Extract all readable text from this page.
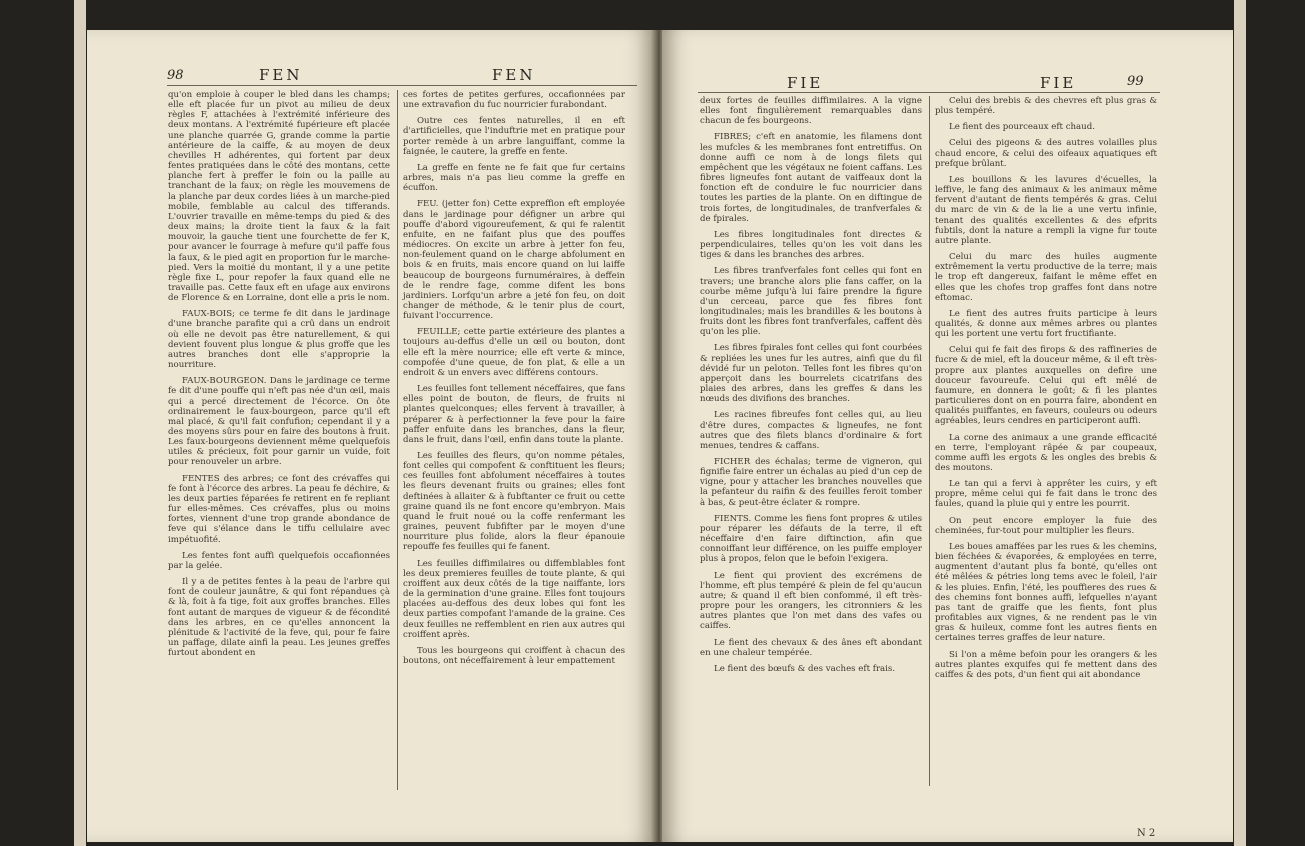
98	FEN	FEN

qu'on emploie à couper le bled dans les champs; elle eft placée fur un pivot au milieu de deux règles F, attachées à l'extrémité inférieure des deux montans. A l'extrémité fupérieure eft placée une planche quarrée G, grande comme la partie antérieure de la caiffe, & au moyen de deux chevilles H adhérentes, qui fortent par deux fentes pratiquées dans le côté des montans, cette planche fert à preffer le foin ou la paille au tranchant de la faux; on règle les mouvemens de la planche par deux cordes liées à un marche-pied mobile, femblable au calcul des tifferands. L'ouvrier travaille en même-temps du pied & des deux mains; la droite tient la faux & la fait mouvoir, la gauche tient une fourchette de fer K, pour avancer le fourrage à mefure qu'il paffe fous la faux, & le pied agit en proportion fur le marche-pied. Vers la moitié du montant, il y a une petite règle fixe L, pour repofer la faux quand elle ne travaille pas. Cette faux eft en ufage aux environs de Florence & en Lorraine, dont elle a pris le nom.

FAUX-BOIS; ce terme fe dit dans le jardinage d'une branche parafite qui a crû dans un endroit où elle ne devoit pas être naturellement, & qui devient fouvent plus longue & plus groffe que les autres branches dont elle s'approprie la nourriture.

FAUX-BOURGEON. Dans le jardinage ce terme fe dit d'une pouffe qui n'eft pas née d'un œil, mais qui a percé directement de l'écorce. On ôte ordinairement le faux-bourgeon, parce qu'il eft mal placé, & qu'il fait confufion; cependant il y a des moyens sûrs pour en faire des boutons à fruit. Les faux-bourgeons deviennent même quelquefois utiles & précieux, foit pour garnir un vuide, foit pour renouveler un arbre.

FENTES des arbres; ce font des crévaffes qui fe font à l'écorce des arbres. La peau fe déchire, & les deux parties féparées fe retirent en fe repliant fur elles-mêmes. Ces crévaffes, plus ou moins fortes, viennent d'une trop grande abondance de feve qui s'élance dans le tiffu cellulaire avec impétuofité.

Les fentes font auffi quelquefois occafionnées par la gelée.

Il y a de petites fentes à la peau de l'arbre qui font de couleur jaunâtre, & qui font répandues çà & là, foit à fa tige, foit aux groffes branches. Elles font autant de marques de vigueur & de fécondité dans les arbres, en ce qu'elles annoncent la plénitude & l'activité de la feve, qui, pour fe faire un paffage, dilate ainfi la peau. Les jeunes greffes furtout abondent en

ces fortes de petites gerfures, occafionnées par une extravafion du fuc nourricier furabondant.

Outre ces fentes naturelles, il en eft d'artificielles, que l'induftrie met en pratique pour porter remède à un arbre languiffant, comme la faignée, le cautere, la greffe en fente.

La greffe en fente ne fe fait que fur certains arbres, mais n'a pas lieu comme la greffe en écuffon.

FEU. (jetter fon) Cette expreffion eft employée dans le jardinage pour défigner un arbre qui pouffe d'abord vigoureufement, & qui fe ralentit enfuite, en ne faifant plus que des pouffes médiocres. On excite un arbre à jetter fon feu, non-feulement quand on le charge abfolument en bois & en fruits, mais encore quand on lui laiffe beaucoup de bourgeons furnuméraires, à deffein de le rendre fage, comme difent les bons jardiniers. Lorfqu'un arbre a jeté fon feu, on doit changer de méthode, & le tenir plus de court, fuivant l'occurrence.

FEUILLE; cette partie extérieure des plantes a toujours au-deffus d'elle un œil ou bouton, dont elle eft la mère nourrice; elle eft verte & mince, compofée d'une queue, de fon plat, & elle a un endroit & un envers avec différens contours.

Les feuilles font tellement néceffaires, que fans elles point de bouton, de fleurs, de fruits ni plantes quelconques; elles fervent à travailler, à préparer & à perfectionner la feve pour la faire paffer enfuite dans les branches, dans la fleur, dans le fruit, dans l'œil, enfin dans toute la plante.

Les feuilles des fleurs, qu'on nomme pétales, font celles qui compofent & conftituent les fleurs; ces feuilles font abfolument néceffaires à toutes les fleurs devenant fruits ou graines; elles font deftinées à allaiter & à fubftanter ce fruit ou cette graine quand ils ne font encore qu'embryon. Mais quand le fruit noué ou la coffe renfermant les graines, peuvent fubfifter par le moyen d'une nourriture plus folide, alors la fleur épanouie repouffe fes feuilles qui fe fanent.

Les feuilles diffimilaires ou diffemblables font les deux premieres feuilles de toute plante, & qui croiffent aux deux côtés de la tige naiffante, lors de la germination d'une graine. Elles font toujours placées au-deffous des deux lobes qui font les deux parties compofant l'amande de la graine. Ces deux feuilles ne reffemblent en rien aux autres qui croiffent après.

Tous les bourgeons qui croiffent à chacun des boutons, ont néceffairement à leur empattement

FIE	FIE	99

deux fortes de feuilles diffimilaires. A la vigne elles font fingulièrement remarquables dans chacun de fes bourgeons.

FIBRES; c'eft en anatomie, les filamens dont les mufcles & les membranes font entretiffus. On donne auffi ce nom à de longs filets qui empêchent que les végétaux ne foient caffans. Les fibres ligneufes font autant de vaiffeaux dont la fonction eft de conduire le fuc nourricier dans toutes les parties de la plante. On en diftingue de trois fortes, de longitudinales, de tranfverfales & de fpirales.

Les fibres longitudinales font directes & perpendiculaires, telles qu'on les voit dans les tiges & dans les branches des arbres.

Les fibres tranfverfales font celles qui font en travers; une branche alors plie fans caffer, on la courbe même jufqu'à lui faire prendre la figure d'un cerceau, parce que fes fibres font longitudinales; mais les brandilles & les boutons à fruits dont les fibres font tranfverfales, caffent dès qu'on les plie.

Les fibres fpirales font celles qui font courbées & repliées les unes fur les autres, ainfi que du fil dévidé fur un peloton. Telles font les fibres qu'on apperçoit dans les bourrelets cicatrifans des plaies des arbres, dans les greffes & dans les nœuds des divifions des branches.

Les racines fibreufes font celles qui, au lieu d'être dures, compactes & ligneufes, ne font autres que des filets blancs d'ordinaire & fort menues, tendres & caffans.

FICHER des échalas; terme de vigneron, qui fignifie faire entrer un échalas au pied d'un cep de vigne, pour y attacher les branches nouvelles que la pefanteur du raifin & des feuilles feroit tomber à bas, & peut-être éclater & rompre.

FIENTS. Comme les fiens font propres & utiles pour réparer les défauts de la terre, il eft néceffaire d'en faire diftinction, afin que connoiffant leur différence, on les puiffe employer plus à propos, felon que le befoin l'exigera.

Le fient qui provient des excrémens de l'homme, eft plus tempéré & plein de fel qu'aucun autre; & quand il eft bien confommé, il eft très-propre pour les orangers, les citronniers & les autres plantes que l'on met dans des vafes ou caiffes.

Le fient des chevaux & des ânes eft abondant en une chaleur tempérée.

Le fient des bœufs & des vaches eft frais.

Celui des brebis & des chevres eft plus gras & plus tempéré.

Le fient des pourceaux eft chaud.

Celui des pigeons & des autres volailles plus chaud encore, & celui des oifeaux aquatiques eft prefque brûlant.

Les bouillons & les lavures d'écuelles, la leffive, le fang des animaux & les animaux même fervent d'autant de fients tempérés & gras. Celui du marc de vin & de la lie a une vertu infinie, tenant des qualités excellentes & des efprits fubtils, dont la nature a rempli la vigne fur toute autre plante.

Celui du marc des huiles augmente extrêmement la vertu productive de la terre; mais le trop eft dangereux, faifant le même effet en elles que les chofes trop graffes font dans notre eftomac.

Le fient des autres fruits participe à leurs qualités, & donne aux mêmes arbres ou plantes qui les portent une vertu fort fructifiante.

Celui qui fe fait des firops & des raffineries de fucre & de miel, eft la douceur même, & il eft très-propre aux plantes auxquelles on defire une douceur favoureufe. Celui qui eft mêlé de faumure, en donnera le goût; & fi les plantes particulieres dont on en pourra faire, abondent en qualités puiffantes, en faveurs, couleurs ou odeurs agréables, leurs cendres en participeront auffi.

La corne des animaux a une grande efficacité en terre, l'employant râpée & par coupeaux, comme auffi les ergots & les ongles des brebis & des moutons.

Le tan qui a fervi à apprêter les cuirs, y eft propre, même celui qui fe fait dans le tronc des faules, quand la pluie qui y entre les pourrit.

On peut encore employer la fuie des cheminées, fur-tout pour multiplier les fleurs.

Les boues amaffées par les rues & les chemins, bien féchées & évaporées, & employées en terre, augmentent d'autant plus fa bonté, qu'elles ont été mêlées & pétries long tems avec le foleil, l'air & les pluies. Enfin, l'été, les pouffieres des rues & des chemins font bonnes auffi, lefquelles n'ayant pas tant de graiffe que les fients, font plus profitables aux vignes, & ne rendent pas le vin gras & huileux, comme font les autres fients en certaines terres graffes de leur nature.

Si l'on a même befoin pour les orangers & les autres plantes exquifes qui fe mettent dans des caiffes & des pots, d'un fient qui ait abondance

N 2
